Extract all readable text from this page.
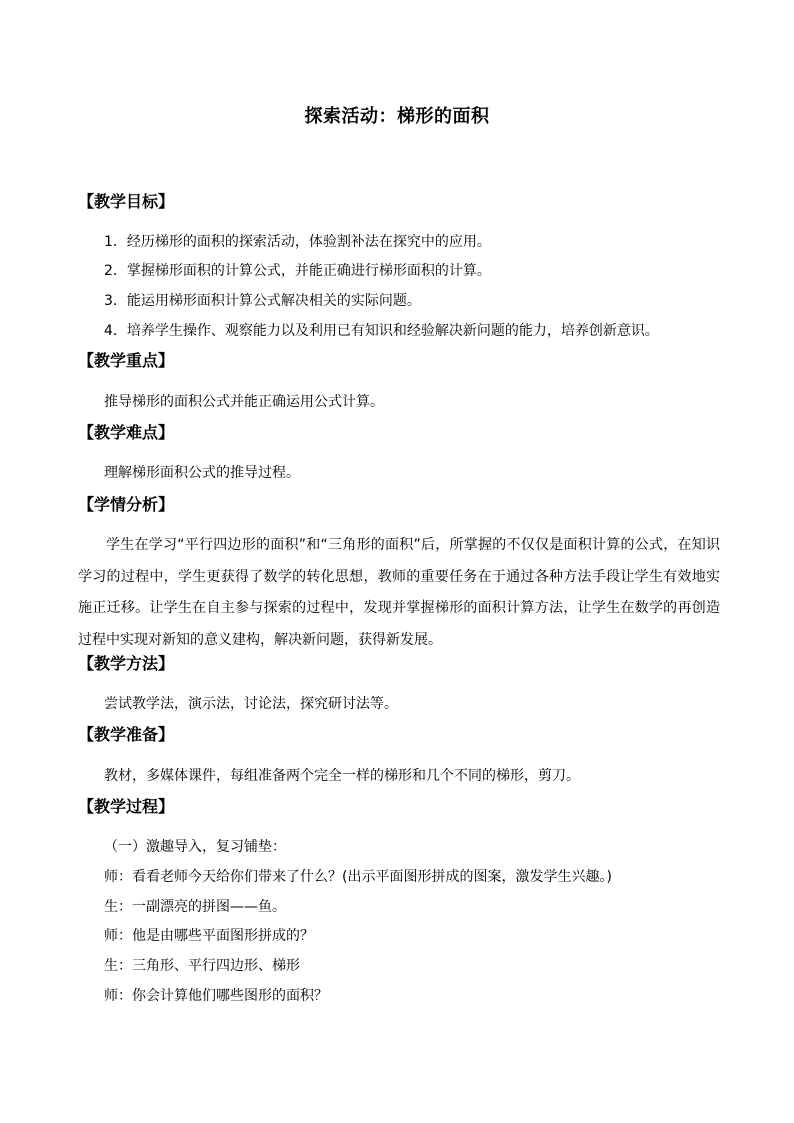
探索活动：梯形的面积
【教学目标】
1．经历梯形的面积的探索活动，体验割补法在探究中的应用。
2．掌握梯形面积的计算公式，并能正确进行梯形面积的计算。
3．能运用梯形面积计算公式解决相关的实际问题。
4．培养学生操作、观察能力以及利用已有知识和经验解决新问题的能力，培养创新意识。
【教学重点】
推导梯形的面积公式并能正确运用公式计算。
【教学难点】
理解梯形面积公式的推导过程。
【学情分析】
学生在学习“平行四边形的面积”和“三角形的面积”后，所掌握的不仅仅是面积计算的公式，在知识学习的过程中，学生更获得了数学的转化思想，教师的重要任务在于通过各种方法手段让学生有效地实施正迁移。让学生在自主参与探索的过程中，发现并掌握梯形的面积计算方法，让学生在数学的再创造过程中实现对新知的意义建构，解决新问题，获得新发展。
【教学方法】
尝试教学法，演示法，讨论法，探究研讨法等。
【教学准备】
教材，多媒体课件，每组准备两个完全一样的梯形和几个不同的梯形，剪刀。
【教学过程】
（一）激趣导入，复习铺垫：
师：看看老师今天给你们带来了什么？(出示平面图形拼成的图案，激发学生兴趣。)
生：一副漂亮的拼图——鱼。
师：他是由哪些平面图形拼成的？
生：三角形、平行四边形、梯形
师：你会计算他们哪些图形的面积？
